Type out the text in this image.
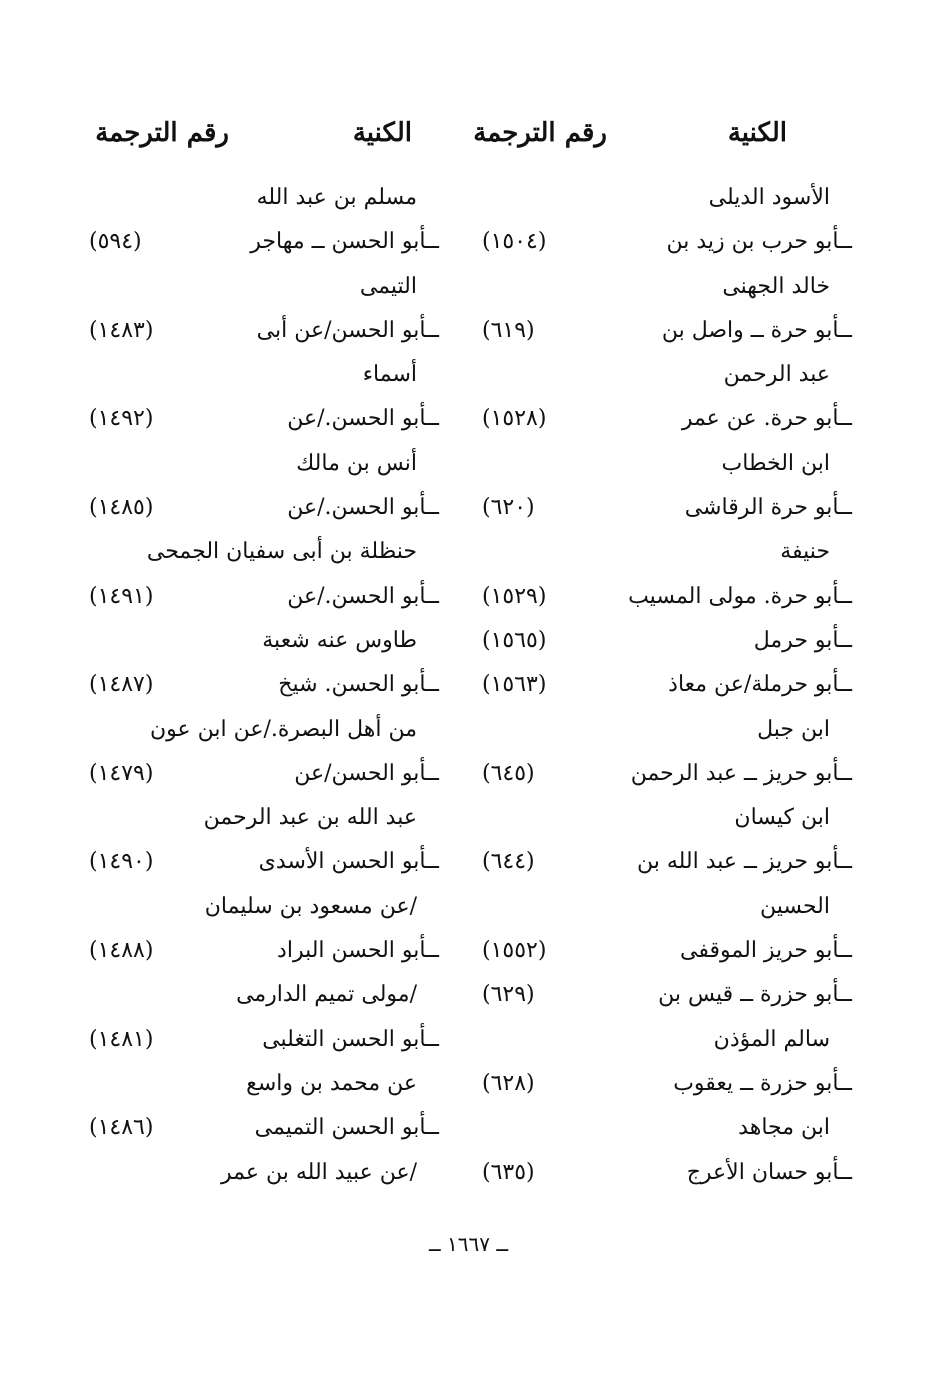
الكنية
رقم الترجمة
الكنية
رقم الترجمة
الأسود الديلى
ــأبو حرب بن زيد بن
(١٥٠٤)
خالد الجهنى
ــأبو حرة ــ واصل بن
(٦١٩)
عبد الرحمن
ــأبو حرة. عن عمر
(١٥٢٨)
ابن الخطاب
ــأبو حرة الرقاشى
(٦٢٠)
حنيفة
ــأبو حرة. مولى المسيب
(١٥٢٩)
ــأبو حرمل
(١٥٦٥)
ــأبو حرملة/عن معاذ
(١٥٦٣)
ابن جبل
ــأبو حريز ــ عبد الرحمن
(٦٤٥)
ابن كيسان
ــأبو حريز ــ عبد الله بن
(٦٤٤)
الحسين
ــأبو حريز الموقفى
(١٥٥٢)
ــأبو حزرة ــ قيس بن
(٦٢٩)
سالم المؤذن
ــأبو حزرة ــ يعقوب
(٦٢٨)
ابن مجاهد
ــأبو حسان الأعرج
(٦٣٥)
مسلم بن عبد الله
ــأبو الحسن ــ مهاجر
(٥٩٤)
التيمى
ــأبو الحسن/عن أبى
(١٤٨٣)
أسماء
ــأبو الحسن./عن
(١٤٩٢)
أنس بن مالك
ــأبو الحسن./عن
(١٤٨٥)
حنظلة بن أبى سفيان الجمحى
ــأبو الحسن./عن
(١٤٩١)
طاوس عنه شعبة
ــأبو الحسن. شيخ
(١٤٨٧)
من أهل البصرة./عن ابن عون
ــأبو الحسن/عن
(١٤٧٩)
عبد الله بن عبد الرحمن
ــأبو الحسن الأسدى
(١٤٩٠)
/عن مسعود بن سليمان
ــأبو الحسن البراد
(١٤٨٨)
/مولى تميم الدارمى
ــأبو الحسن التغلبى
(١٤٨١)
عن محمد بن واسع
ــأبو الحسن التميمى
(١٤٨٦)
/عن عبيد الله بن عمر
ــ ١٦٦٧ ــ
